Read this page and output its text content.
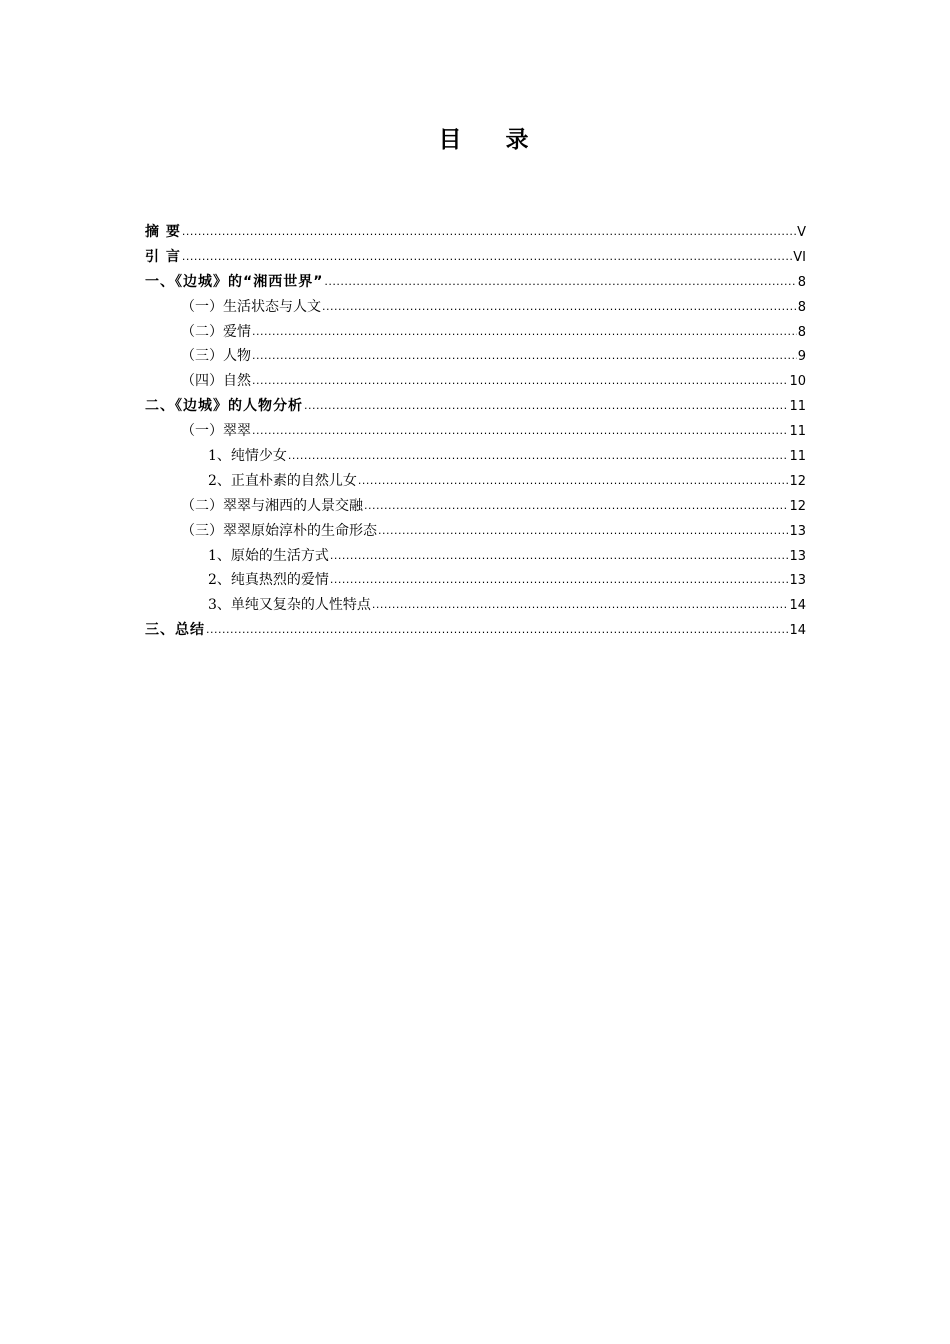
目 录
摘 要 .....	V
引 言 .....	VI
一、《边城》的“湘西世界” .....	8
（一）生活状态与人文 .....	8
（二）爱情 .....	8
（三）人物 .....	9
（四）自然 .....	10
二、《边城》的人物分析 .....	11
（一）翠翠 .....	11
1、纯情少女 .....	11
2、正直朴素的自然儿女 .....	12
（二）翠翠与湘西的人景交融 .....	12
（三）翠翠原始淳朴的生命形态 .....	13
1、原始的生活方式 .....	13
2、纯真热烈的爱情 .....	13
3、单纯又复杂的人性特点 .....	14
三、总结 .....	14
